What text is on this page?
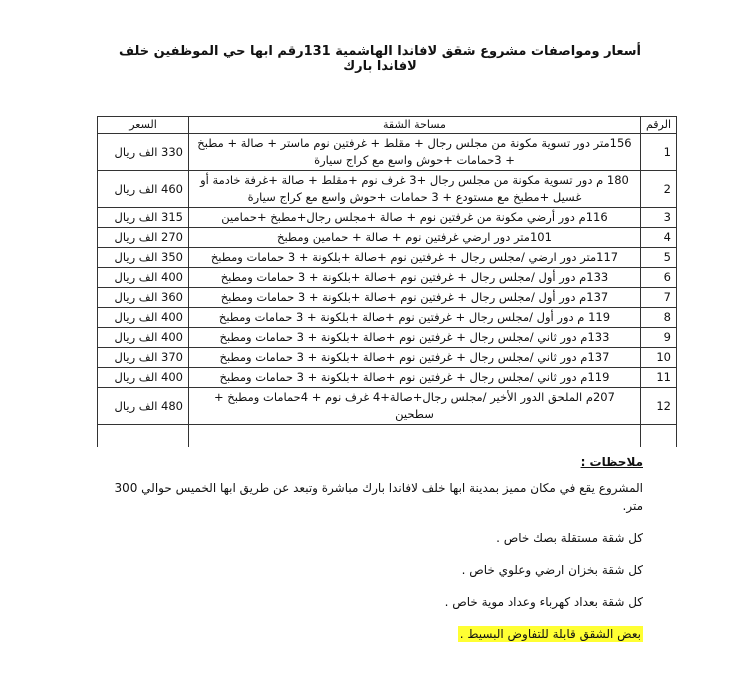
أسعار ومواصفات مشروع شقق لافاندا الهاشمية 131رقم ابها حي الموظفين خلف لافاندا بارك
الرقم	مساحة الشقة	السعر
1	156متر دور تسوية مكونة من مجلس رجال + مقلط + غرفتين نوم ماستر + صالة + مطبخ + 3حمامات +حوش واسع مع كراج سيارة	330 الف ريال
2	180 م دور تسوية مكونة من مجلس رجال +3 غرف نوم +مقلط + صالة +غرفة خادمة أو غسيل +مطبخ مع مستودع + 3 حمامات +حوش واسع مع كراج سيارة	460 الف ريال
3	116م دور أرضي مكونة من غرفتين نوم + صالة +مجلس رجال+مطبخ +حمامين	315 الف ريال
4	101متر دور ارضي غرفتين نوم + صالة + حمامين ومطبخ	270 الف ريال
5	117متر دور ارضي /مجلس رجال + غرفتين نوم +صالة +بلكونة + 3 حمامات ومطبخ	350 الف ريال
6	133م دور أول /مجلس رجال + غرفتين نوم +صالة +بلكونة + 3 حمامات ومطبخ	400 الف ريال
7	137م دور أول /مجلس رجال + غرفتين نوم +صالة +بلكونة + 3 حمامات ومطبخ	360 الف ريال
8	119 م دور أول /مجلس رجال + غرفتين نوم +صالة +بلكونة + 3 حمامات ومطبخ	400 الف ريال
9	133م دور ثاني /مجلس رجال + غرفتين نوم +صالة +بلكونة + 3 حمامات ومطبخ	400 الف ريال
10	137م دور ثاني /مجلس رجال + غرفتين نوم +صالة +بلكونة + 3 حمامات ومطبخ	370 الف ريال
11	119م دور ثاني /مجلس رجال + غرفتين نوم +صالة +بلكونة + 3 حمامات ومطبخ	400 الف ريال
12	207م الملحق الدور الأخير /مجلس رجال+صالة+4 غرف نوم + 4حمامات ومطبخ + سطحين	480 الف ريال

ملاحظات :

المشروع يقع في مكان مميز بمدينة ابها خلف لافاندا بارك مباشرة وتبعد عن طريق ابها الخميس حوالي 300 متر.

كل شقة مستقلة بصك خاص .

كل شقة بخزان ارضي وعلوي خاص .

كل شقة بعداد كهرباء وعداد موية خاص .

بعض الشقق قابلة للتفاوض البسيط .
